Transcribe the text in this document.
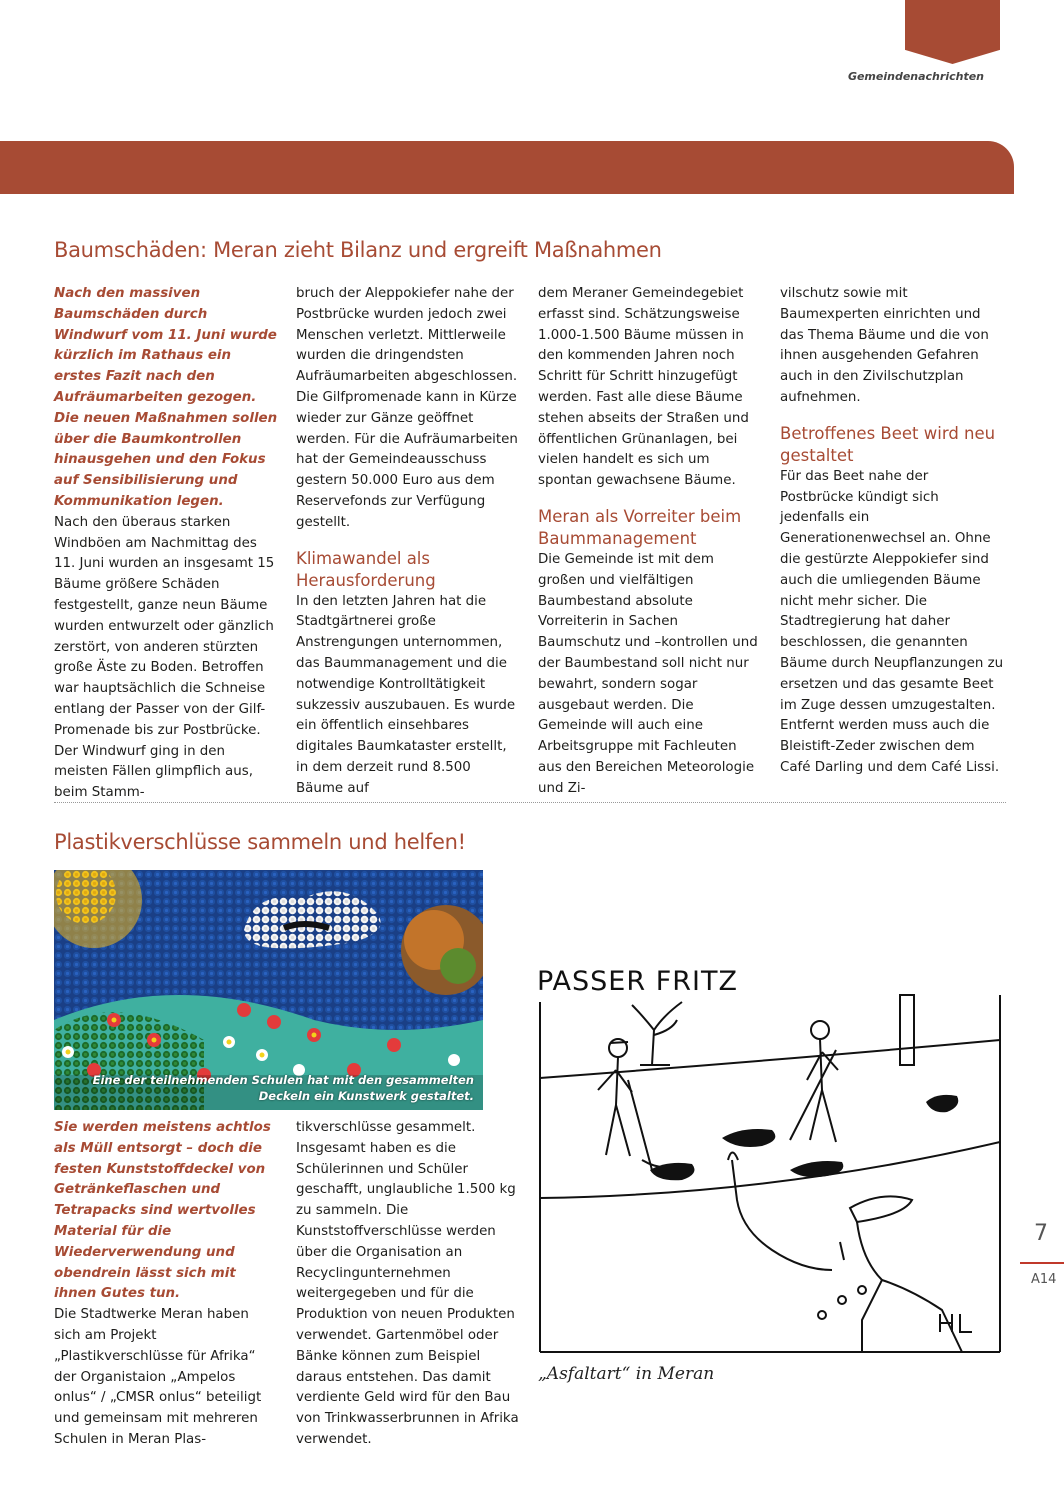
Gemeindenachrichten
Baumschäden: Meran zieht Bilanz und ergreift Maßnahmen

Nach den massiven Baumschäden durch Windwurf vom 11. Juni wurde kürzlich im Rathaus ein erstes Fazit nach den Aufräumarbeiten gezogen. Die neuen Maßnahmen sollen über die Baumkontrollen hinausgehen und den Fokus auf Sensibilisierung und Kommunikation legen.

Nach den überaus starken Windböen am Nachmittag des 11. Juni wurden an insgesamt 15 Bäume größere Schäden festgestellt, ganze neun Bäume wurden entwurzelt oder gänzlich zerstört, von anderen stürzten große Äste zu Boden. Betroffen war hauptsächlich die Schneise entlang der Passer von der Gilf-Promenade bis zur Postbrücke. Der Windwurf ging in den meisten Fällen glimpflich aus, beim Stamm-

bruch der Aleppokiefer nahe der Postbrücke wurden jedoch zwei Menschen verletzt. Mittlerweile wurden die dringendsten Aufräumarbeiten abgeschlossen. Die Gilfpromenade kann in Kürze wieder zur Gänze geöffnet werden. Für die Aufräumarbeiten hat der Gemeindeausschuss gestern 50.000 Euro aus dem Reservefonds zur Verfügung gestellt.

Klimawandel als Herausforderung

In den letzten Jahren hat die Stadtgärtnerei große Anstrengungen unternommen, das Baummanagement und die notwendige Kontrolltätigkeit sukzessiv auszubauen. Es wurde ein öffentlich einsehbares digitales Baumkataster erstellt, in dem derzeit rund 8.500 Bäume auf

dem Meraner Gemeindegebiet erfasst sind. Schätzungsweise 1.000-1.500 Bäume müssen in den kommenden Jahren noch Schritt für Schritt hinzugefügt werden. Fast alle diese Bäume stehen abseits der Straßen und öffentlichen Grünanlagen, bei vielen handelt es sich um spontan gewachsene Bäume.

Meran als Vorreiter beim Baummanagement

Die Gemeinde ist mit dem großen und vielfältigen Baumbestand absolute Vorreiterin in Sachen Baumschutz und –kontrollen und der Baumbestand soll nicht nur bewahrt, sondern sogar ausgebaut werden. Die Gemeinde will auch eine Arbeitsgruppe mit Fachleuten aus den Bereichen Meteorologie und Zi-

vilschutz sowie mit Baumexperten einrichten und das Thema Bäume und die von ihnen ausgehenden Gefahren auch in den Zivilschutzplan aufnehmen.

Betroffenes Beet wird neu gestaltet

Für das Beet nahe der Postbrücke kündigt sich jedenfalls ein Generationenwechsel an. Ohne die gestürzte Aleppokiefer sind auch die umliegenden Bäume nicht mehr sicher. Die Stadtregierung hat daher beschlossen, die genannten Bäume durch Neupflanzungen zu ersetzen und das gesamte Beet im Zuge dessen umzugestalten. Entfernt werden muss auch die Bleistift-Zeder zwischen dem Café Darling und dem Café Lissi.

Plastikverschlüsse sammeln und helfen!
Eine der teilnehmenden Schulen hat mit den gesammelten Deckeln ein Kunstwerk gestaltet.

Sie werden meistens achtlos als Müll entsorgt – doch die festen Kunststoffdeckel von Getränkeflaschen und Tetrapacks sind wertvolles Material für die Wiederverwendung und obendrein lässt sich mit ihnen Gutes tun.

Die Stadtwerke Meran haben sich am Projekt „Plastikverschlüsse für Afrika“ der Organistaion „Ampelos onlus“ / „CMSR onlus“ beteiligt und gemeinsam mit mehreren Schulen in Meran Plas-

tikverschlüsse gesammelt. Insgesamt haben es die Schülerinnen und Schüler geschafft, unglaubliche 1.500 kg zu sammeln. Die Kunststoffverschlüsse werden über die Organisation an Recyclingunternehmen weitergegeben und für die Produktion von neuen Produkten verwendet. Gartenmöbel oder Bänke können zum Beispiel daraus entstehen. Das damit verdiente Geld wird für den Bau von Trinkwasserbrunnen in Afrika verwendet.

PASSER FRITZ
„Asfaltart“ in Meran
7
A14
